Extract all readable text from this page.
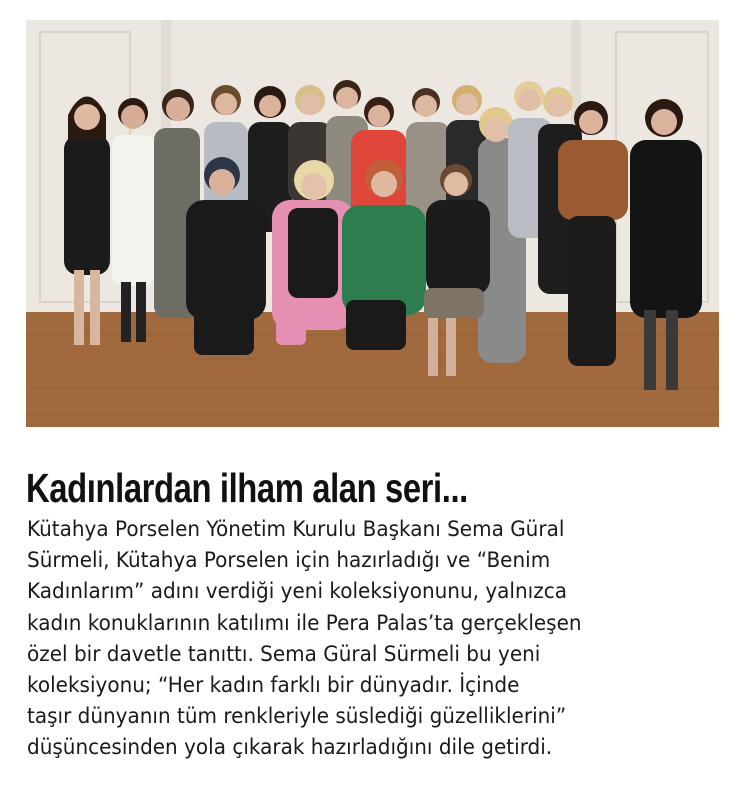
Kadınlardan ilham alan seri...

Kütahya Porselen Yönetim Kurulu Başkanı Sema Güral
Sürmeli, Kütahya Porselen için hazırladığı ve “Benim
Kadınlarım” adını verdiği yeni koleksiyonunu, yalnızca
kadın konuklarının katılımı ile Pera Palas’ta gerçekleşen
özel bir davetle tanıttı. Sema Güral Sürmeli bu yeni
koleksiyonu; “Her kadın farklı bir dünyadır. İçinde
taşır dünyanın tüm renkleriyle süslediği güzelliklerini”
düşüncesinden yola çıkarak hazırladığını dile getirdi.
